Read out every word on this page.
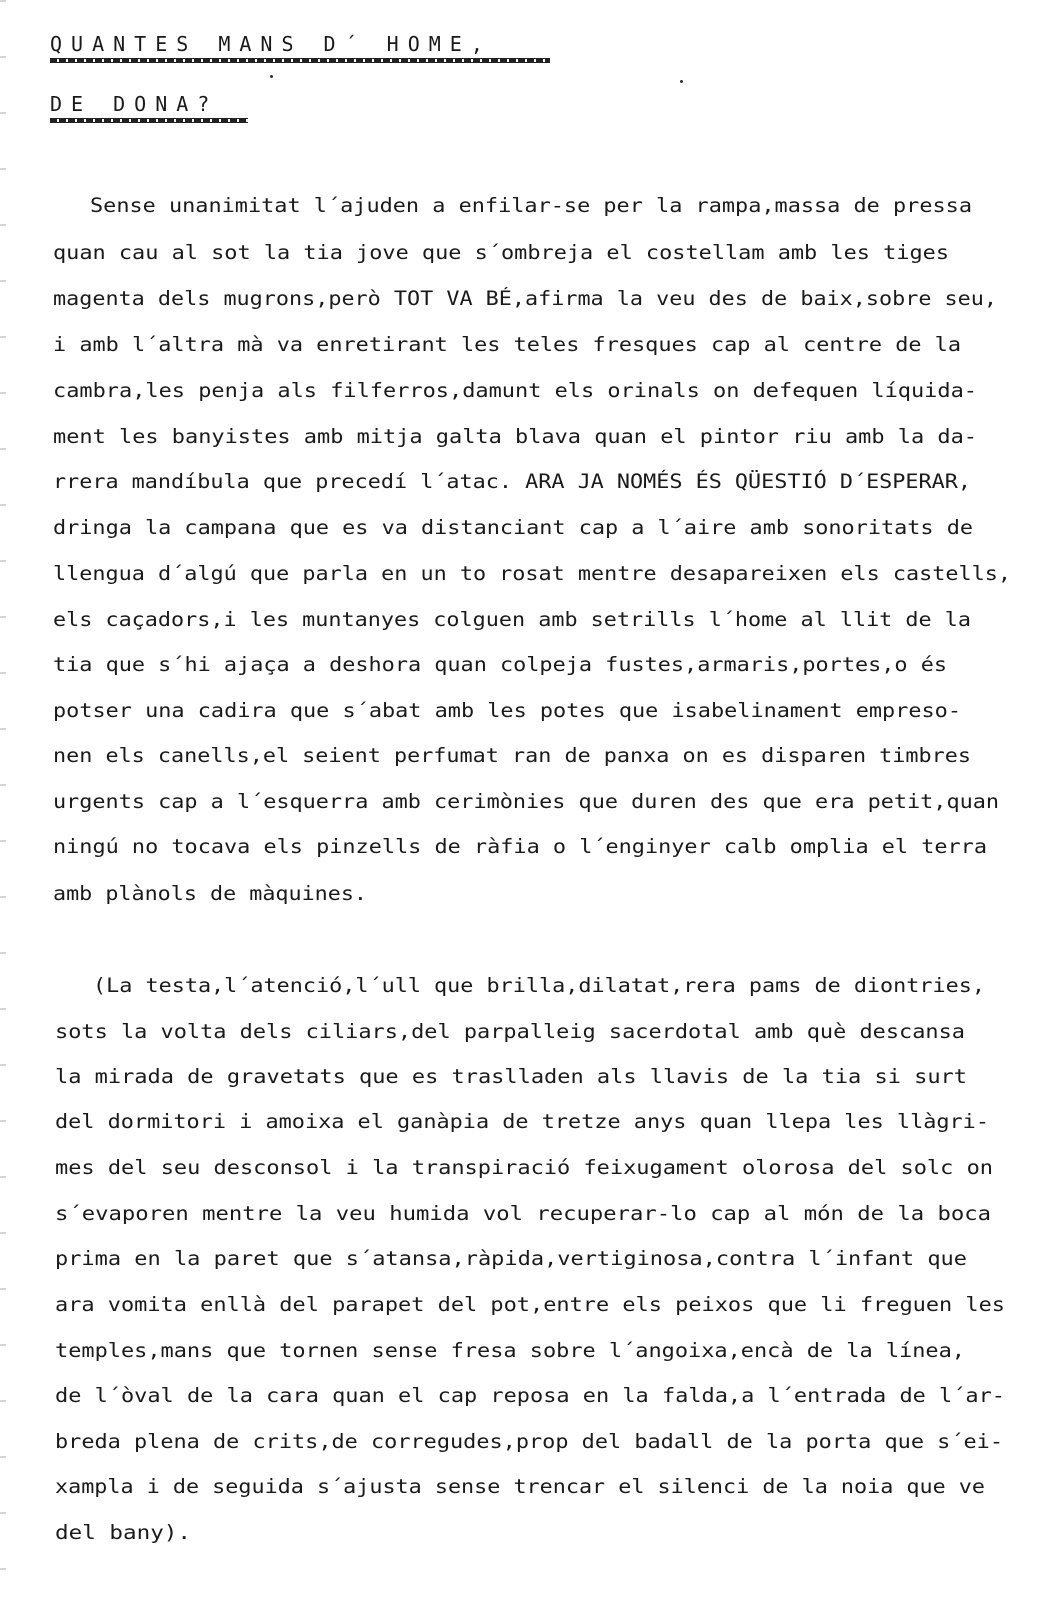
QUANTES MANS D´ HOME,
DE DONA?
Sense unanimitat l´ajuden a enfilar-se per la rampa,massa de pressa
quan cau al sot la tia jove que s´ombreja el costellam amb les tiges
magenta dels mugrons,però TOT VA BÉ,afirma la veu des de baix,sobre seu,
i amb l´altra mà va enretirant les teles fresques cap al centre de la
cambra,les penja als filferros,damunt els orinals on defequen líquida-
ment les banyistes amb mitja galta blava quan el pintor riu amb la da-
rrera mandíbula que precedí l´atac. ARA JA NOMÉS ÉS QÜESTIÓ D´ESPERAR,
dringa la campana que es va distanciant cap a l´aire amb sonoritats de
llengua d´algú que parla en un to rosat mentre desapareixen els castells,
els caçadors,i les muntanyes colguen amb setrills l´home al llit de la
tia que s´hi ajaça a deshora quan colpeja fustes,armaris,portes,o és
potser una cadira que s´abat amb les potes que isabelinament empreso-
nen els canells,el seient perfumat ran de panxa on es disparen timbres
urgents cap a l´esquerra amb cerimònies que duren des que era petit,quan
ningú no tocava els pinzells de ràfia o l´enginyer calb omplia el terra
amb plànols de màquines.
(La testa,l´atenció,l´ull que brilla,dilatat,rera pams de diontries,
sots la volta dels ciliars,del parpalleig sacerdotal amb què descansa
la mirada de gravetats que es traslladen als llavis de la tia si surt
del dormitori i amoixa el ganàpia de tretze anys quan llepa les llàgri-
mes del seu desconsol i la transpiració feixugament olorosa del solc on
s´evaporen mentre la veu humida vol recuperar-lo cap al món de la boca
prima en la paret que s´atansa,ràpida,vertiginosa,contra l´infant que
ara vomita enllà del parapet del pot,entre els peixos que li freguen les
temples,mans que tornen sense fresa sobre l´angoixa,encà de la línea,
de l´òval de la cara quan el cap reposa en la falda,a l´entrada de l´ar-
breda plena de crits,de corregudes,prop del badall de la porta que s´ei-
xampla i de seguida s´ajusta sense trencar el silenci de la noia que ve
del bany).
